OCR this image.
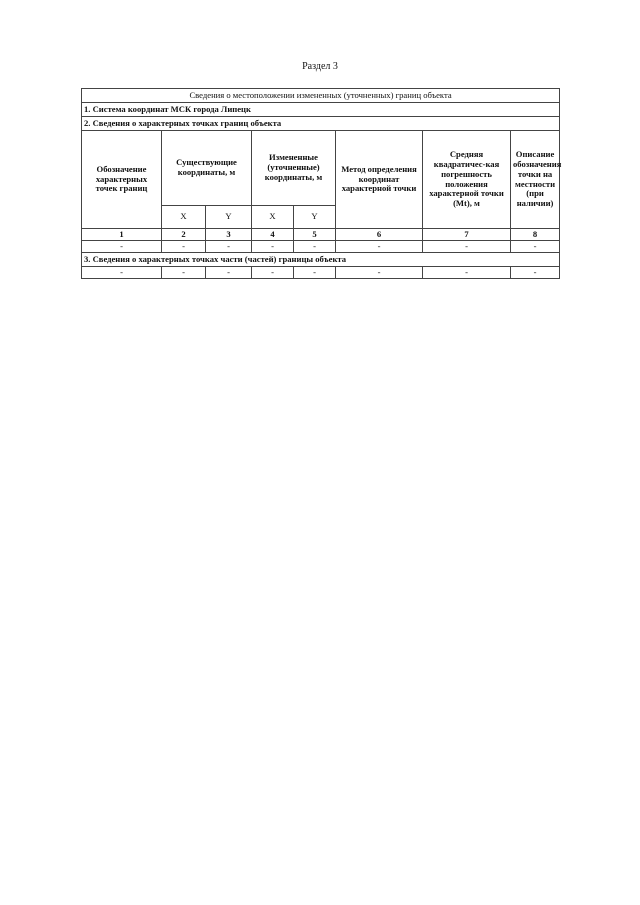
Раздел 3
Сведения о местоположении измененных (уточненных) границ объекта							
1. Система координат МСК города Липецк							
2. Сведения о характерных точках границ объекта							
Обозначение характерных точек границ	Существующие координаты, м		Измененные (уточненные) координаты, м		Метод определения координат характерной точки	Средняя квадратичес-кая погрешность положения характерной точки (Mt), м	Описание обозначения точки на местности (при наличии)
	X	Y	X	Y			
1	2	3	4	5	6	7	8
-	-	-	-	-	-	-	-
3. Сведения о характерных точках части (частей) границы объекта							
-	-	-	-	-	-	-	-
